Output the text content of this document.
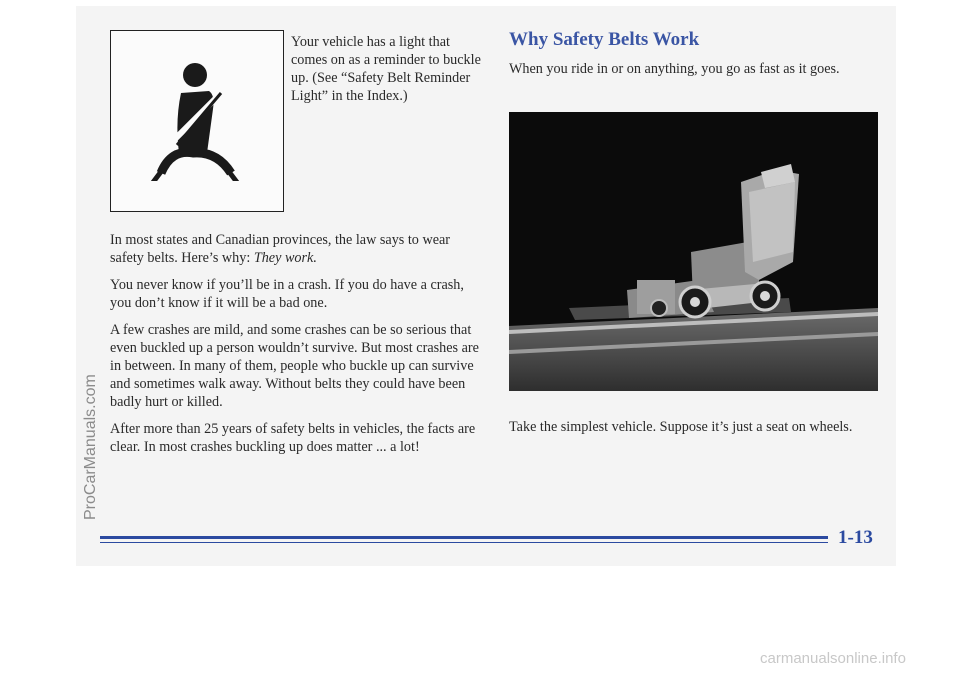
Your vehicle has a light that comes on as a reminder to buckle up. (See “Safety Belt Reminder Light” in the Index.)

In most states and Canadian provinces, the law says to wear safety belts. Here’s why: They work.

You never know if you’ll be in a crash. If you do have a crash, you don’t know if it will be a bad one.

A few crashes are mild, and some crashes can be so serious that even buckled up a person wouldn’t survive. But most crashes are in between. In many of them, people who buckle up can survive and sometimes walk away. Without belts they could have been badly hurt or killed.

After more than 25 years of safety belts in vehicles, the facts are clear. In most crashes buckling up does matter ... a lot!

Why Safety Belts Work

When you ride in or on anything, you go as fast as it goes.

Take the simplest vehicle. Suppose it’s just a seat on wheels.

1-13

ProCarManuals.com

carmanualsonline.info
